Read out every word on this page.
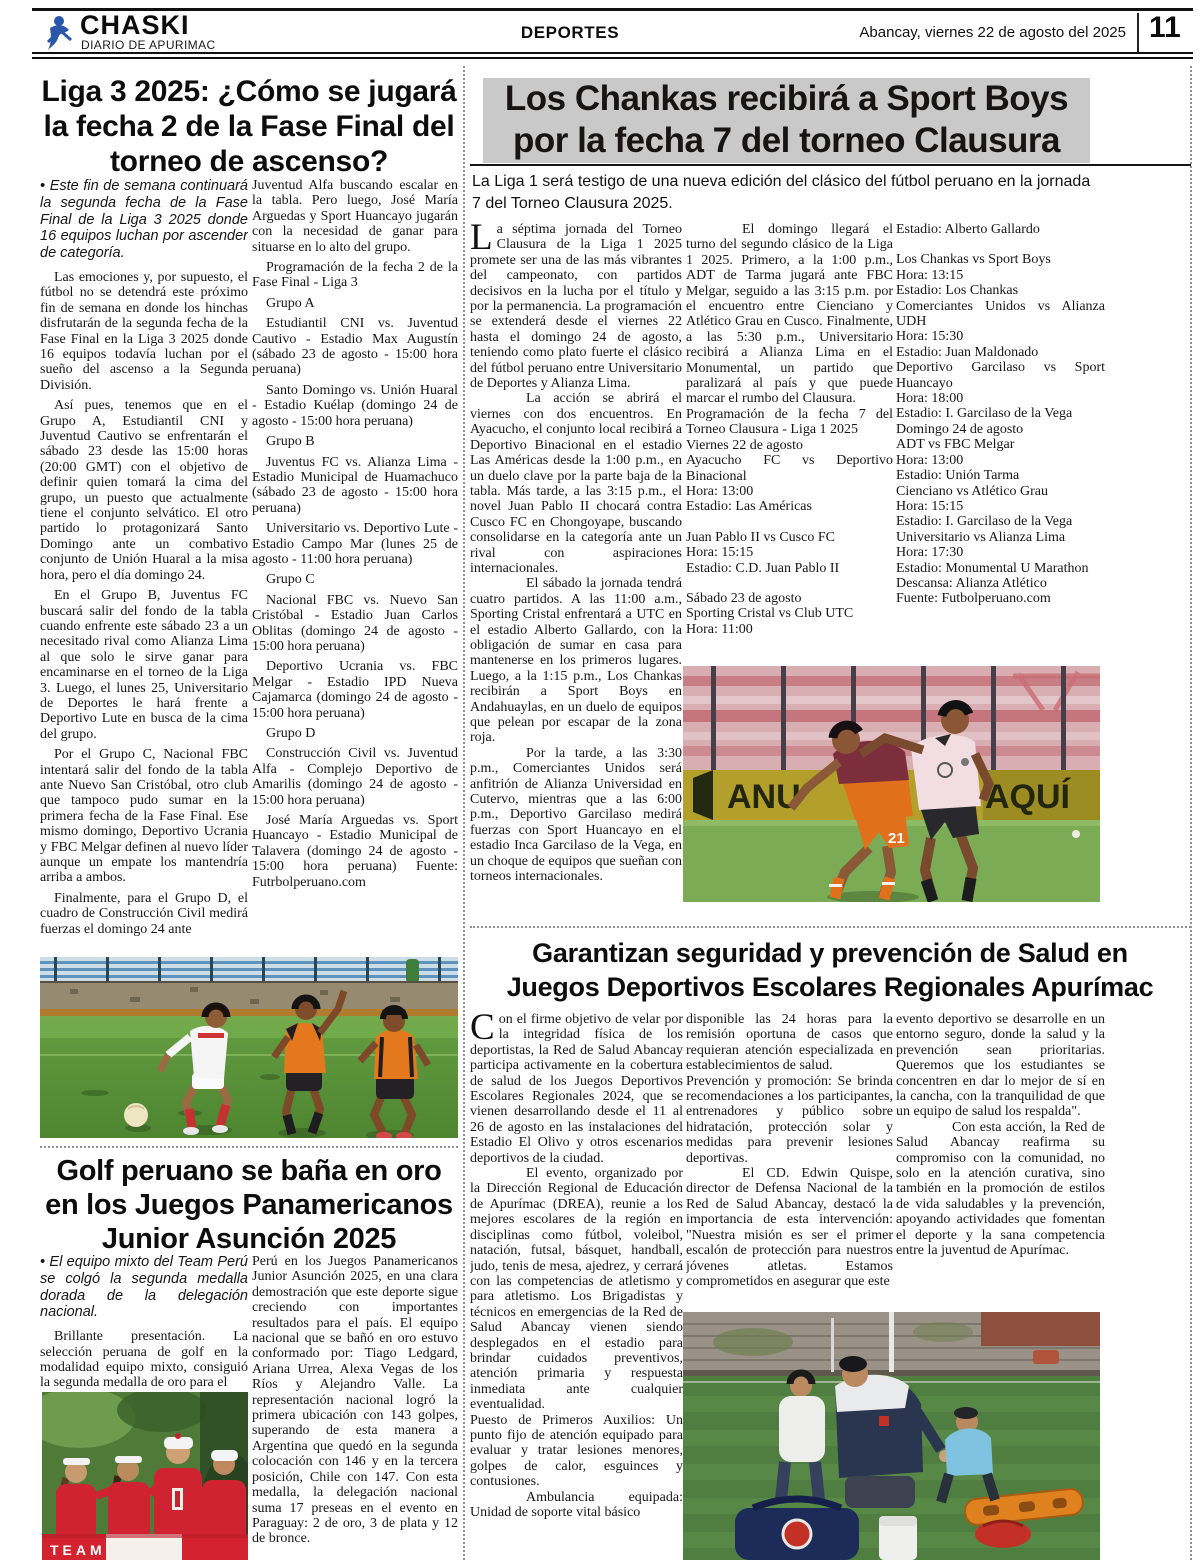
CHASKI
DIARIO DE APURIMAC
DEPORTES	Abancay, viernes 22 de agosto del 2025 11
Liga 3 2025: ¿Cómo se jugará
la fecha 2 de la Fase Final del
torneo de ascenso?

• Este fin de semana continuará la segunda fecha de la Fase Final de la Liga 3 2025 donde 16 equipos luchan por ascender de categoría.

Las emociones y, por supuesto, el fútbol no se detendrá este próximo fin de semana en donde los hinchas disfrutarán de la segunda fecha de la Fase Final en la Liga 3 2025 donde 16 equipos todavía luchan por el sueño del ascenso a la Segunda División.

Así pues, tenemos que en el Grupo A, Estudiantil CNI y Juventud Cautivo se enfrentarán el sábado 23 desde las 15:00 horas (20:00 GMT) con el objetivo de definir quien tomará la cima del grupo, un puesto que actualmente tiene el conjunto selvático. El otro partido lo protagonizará Santo Domingo ante un combativo conjunto de Unión Huaral a la misa hora, pero el día domingo 24.

En el Grupo B, Juventus FC buscará salir del fondo de la tabla cuando enfrente este sábado 23 a un necesitado rival como Alianza Lima al que solo le sirve ganar para encaminarse en el torneo de la Liga 3. Luego, el lunes 25, Universitario de Deportes le hará frente a Deportivo Lute en busca de la cima del grupo.

Por el Grupo C, Nacional FBC intentará salir del fondo de la tabla ante Nuevo San Cristóbal, otro club que tampoco pudo sumar en la primera fecha de la Fase Final. Ese mismo domingo, Deportivo Ucrania y FBC Melgar definen al nuevo líder aunque un empate los mantendría arriba a ambos.

Finalmente, para el Grupo D, el cuadro de Construcción Civil medirá fuerzas el domingo 24 ante

Juventud Alfa buscando escalar en la tabla. Pero luego, José María Arguedas y Sport Huancayo jugarán con la necesidad de ganar para situarse en lo alto del grupo.

Programación de la fecha 2 de la Fase Final - Liga 3

Grupo A

Estudiantil CNI vs. Juventud Cautivo - Estadio Max Augustín (sábado 23 de agosto - 15:00 hora peruana)

Santo Domingo vs. Unión Huaral - Estadio Kuélap (domingo 24 de agosto - 15:00 hora peruana)

Grupo B

Juventus FC vs. Alianza Lima - Estadio Municipal de Huamachuco (sábado 23 de agosto - 15:00 hora peruana)

Universitario vs. Deportivo Lute - Estadio Campo Mar (lunes 25 de agosto - 11:00 hora peruana)

Grupo C

Nacional FBC vs. Nuevo San Cristóbal - Estadio Juan Carlos Oblitas (domingo 24 de agosto - 15:00 hora peruana)

Deportivo Ucrania vs. FBC Melgar - Estadio IPD Nueva Cajamarca (domingo 24 de agosto - 15:00 hora peruana)

Grupo D

Construcción Civil vs. Juventud Alfa - Complejo Deportivo de Amarilis (domingo 24 de agosto - 15:00 hora peruana)

José María Arguedas vs. Sport Huancayo - Estadio Municipal de Talavera (domingo 24 de agosto - 15:00 hora peruana) Fuente: Futrbolperuano.com

Golf peruano se baña en oro
en los Juegos Panamericanos
Junior Asunción 2025

• El equipo mixto del Team Perú se colgó la segunda medalla dorada de la delegación nacional.

Brillante presentación. La selección peruana de golf en la modalidad equipo mixto, consiguió la segunda medalla de oro para el

Perú en los Juegos Panamericanos Junior Asunción 2025, en una clara demostración que este deporte sigue creciendo con importantes resultados para el país. El equipo nacional que se bañó en oro estuvo conformado por: Tiago Ledgard, Ariana Urrea, Alexa Vegas de los Ríos y Alejandro Valle. La representación nacional logró la primera ubicación con 143 golpes, superando de esta manera a Argentina que quedó en la segunda colocación con 146 y en la tercera posición, Chile con 147. Con esta medalla, la delegación nacional suma 17 preseas en el evento en Paraguay: 2 de oro, 3 de plata y 12 de bronce.

TEAM
Los Chankas recibirá a Sport Boys
por la fecha 7 del torneo Clausura
La Liga 1 será testigo de una nueva edición del clásico del fútbol peruano en la jornada 7 del Torneo Clausura 2025.

La séptima jornada del Torneo Clausura de la Liga 1 2025 promete ser una de las más vibrantes del campeonato, con partidos decisivos en la lucha por el título y por la permanencia. La programación se extenderá desde el viernes 22 hasta el domingo 24 de agosto, teniendo como plato fuerte el clásico del fútbol peruano entre Universitario de Deportes y Alianza Lima.

La acción se abrirá el viernes con dos encuentros. En Ayacucho, el conjunto local recibirá a Deportivo Binacional en el estadio Las Américas desde la 1:00 p.m., en un duelo clave por la parte baja de la tabla. Más tarde, a las 3:15 p.m., el novel Juan Pablo II chocará contra Cusco FC en Chongoyape, buscando consolidarse en la categoría ante un rival con aspiraciones internacionales.

El sábado la jornada tendrá cuatro partidos. A las 11:00 a.m., Sporting Cristal enfrentará a UTC en el estadio Alberto Gallardo, con la obligación de sumar en casa para mantenerse en los primeros lugares. Luego, a la 1:15 p.m., Los Chankas recibirán a Sport Boys en Andahuaylas, en un duelo de equipos que pelean por escapar de la zona roja.

Por la tarde, a las 3:30 p.m., Comerciantes Unidos será anfitrión de Alianza Universidad en Cutervo, mientras que a las 6:00 p.m., Deportivo Garcilaso medirá fuerzas con Sport Huancayo en el estadio Inca Garcilaso de la Vega, en un choque de equipos que sueñan con torneos internacionales.

El domingo llegará el turno del segundo clásico de la Liga 1 2025. Primero, a la 1:00 p.m., ADT de Tarma jugará ante FBC Melgar, seguido a las 3:15 p.m. por el encuentro entre Cienciano y Atlético Grau en Cusco. Finalmente, a las 5:30 p.m., Universitario recibirá a Alianza Lima en el Monumental, un partido que paralizará al país y que puede marcar el rumbo del Clausura.

Programación de la fecha 7 del Torneo Clausura - Liga 1 2025

Viernes 22 de agosto

Ayacucho FC vs Deportivo Binacional

Hora: 13:00

Estadio: Las Américas

Juan Pablo II vs Cusco FC

Hora: 15:15

Estadio: C.D. Juan Pablo II

Sábado 23 de agosto

Sporting Cristal vs Club UTC

Hora: 11:00

Estadio: Alberto Gallardo

Los Chankas vs Sport Boys

Hora: 13:15

Estadio: Los Chankas

Comerciantes Unidos vs Alianza UDH

Hora: 15:30

Estadio: Juan Maldonado

Deportivo Garcilaso vs Sport Huancayo

Hora: 18:00

Estadio: I. Garcilaso de la Vega

Domingo 24 de agosto

ADT vs FBC Melgar

Hora: 13:00

Estadio: Unión Tarma

Cienciano vs Atlético Grau

Hora: 15:15

Estadio: I. Garcilaso de la Vega

Universitario vs Alianza Lima

Hora: 17:30

Estadio: Monumental U Marathon

Descansa: Alianza Atlético

Fuente: Futbolperuano.com

ANU	AQUÍ
21
Garantizan seguridad y prevención de Salud en
Juegos Deportivos Escolares Regionales Apurímac

Con el firme objetivo de velar por la integridad física de los deportistas, la Red de Salud Abancay participa activamente en la cobertura de salud de los Juegos Deportivos Escolares Regionales 2024, que se vienen desarrollando desde el 11 al 26 de agosto en las instalaciones del Estadio El Olivo y otros escenarios deportivos de la ciudad.

El evento, organizado por la Dirección Regional de Educación de Apurímac (DREA), reunie a los mejores escolares de la región en disciplinas como fútbol, voleibol, natación, futsal, básquet, handball, judo, tenis de mesa, ajedrez, y cerrará con las competencias de atletismo y para atletismo. Los Brigadistas y técnicos en emergencias de la Red de Salud Abancay vienen siendo desplegados en el estadio para brindar cuidados preventivos, atención primaria y respuesta inmediata ante cualquier eventualidad.

Puesto de Primeros Auxilios: Un punto fijo de atención equipado para evaluar y tratar lesiones menores, golpes de calor, esguinces y contusiones.

Ambulancia equipada: Unidad de soporte vital básico

disponible las 24 horas para la remisión oportuna de casos que requieran atención especializada en establecimientos de salud.

Prevención y promoción: Se brinda recomendaciones a los participantes, entrenadores y público sobre hidratación, protección solar y medidas para prevenir lesiones deportivas.

El CD. Edwin Quispe, director de Defensa Nacional de la Red de Salud Abancay, destacó la importancia de esta intervención: "Nuestra misión es ser el primer escalón de protección para nuestros jóvenes atletas. Estamos comprometidos en asegurar que este

evento deportivo se desarrolle en un entorno seguro, donde la salud y la prevención sean prioritarias. Queremos que los estudiantes se concentren en dar lo mejor de sí en la cancha, con la tranquilidad de que un equipo de salud los respalda".

Con esta acción, la Red de Salud Abancay reafirma su compromiso con la comunidad, no solo en la atención curativa, sino también en la promoción de estilos de vida saludables y la prevención, apoyando actividades que fomentan el deporte y la sana competencia entre la juventud de Apurímac.
